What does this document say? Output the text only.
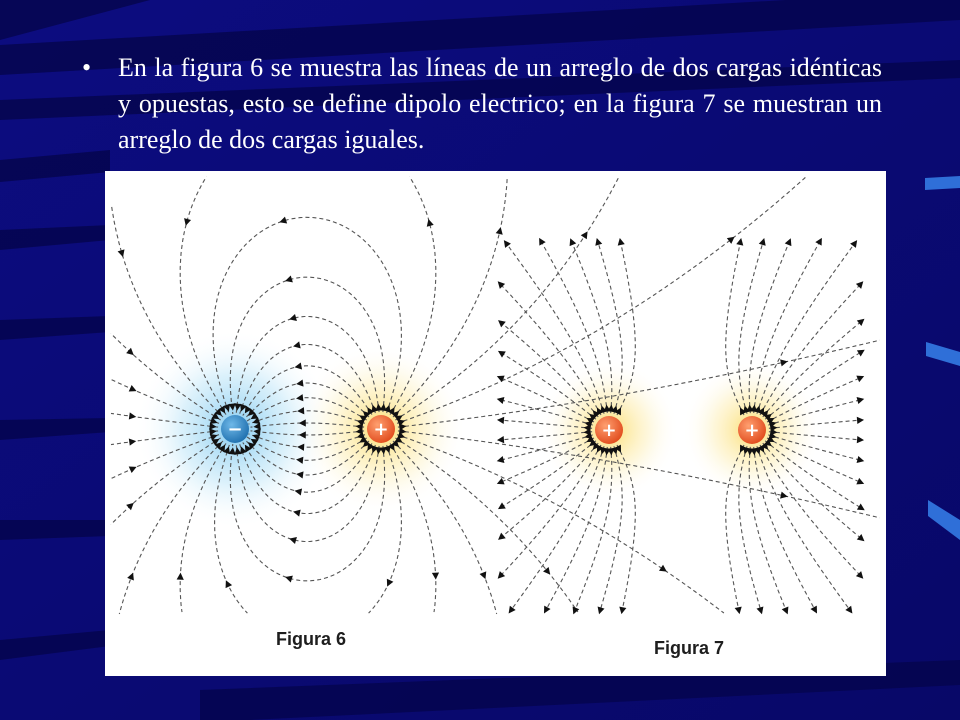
•	En la figura 6 se muestra las líneas de un arreglo de dos cargas idénticas y opuestas, esto se define dipolo electrico; en la figura 7 se muestran un arreglo de dos cargas iguales.
−	+	+	+
Figura 6	Figura 7
